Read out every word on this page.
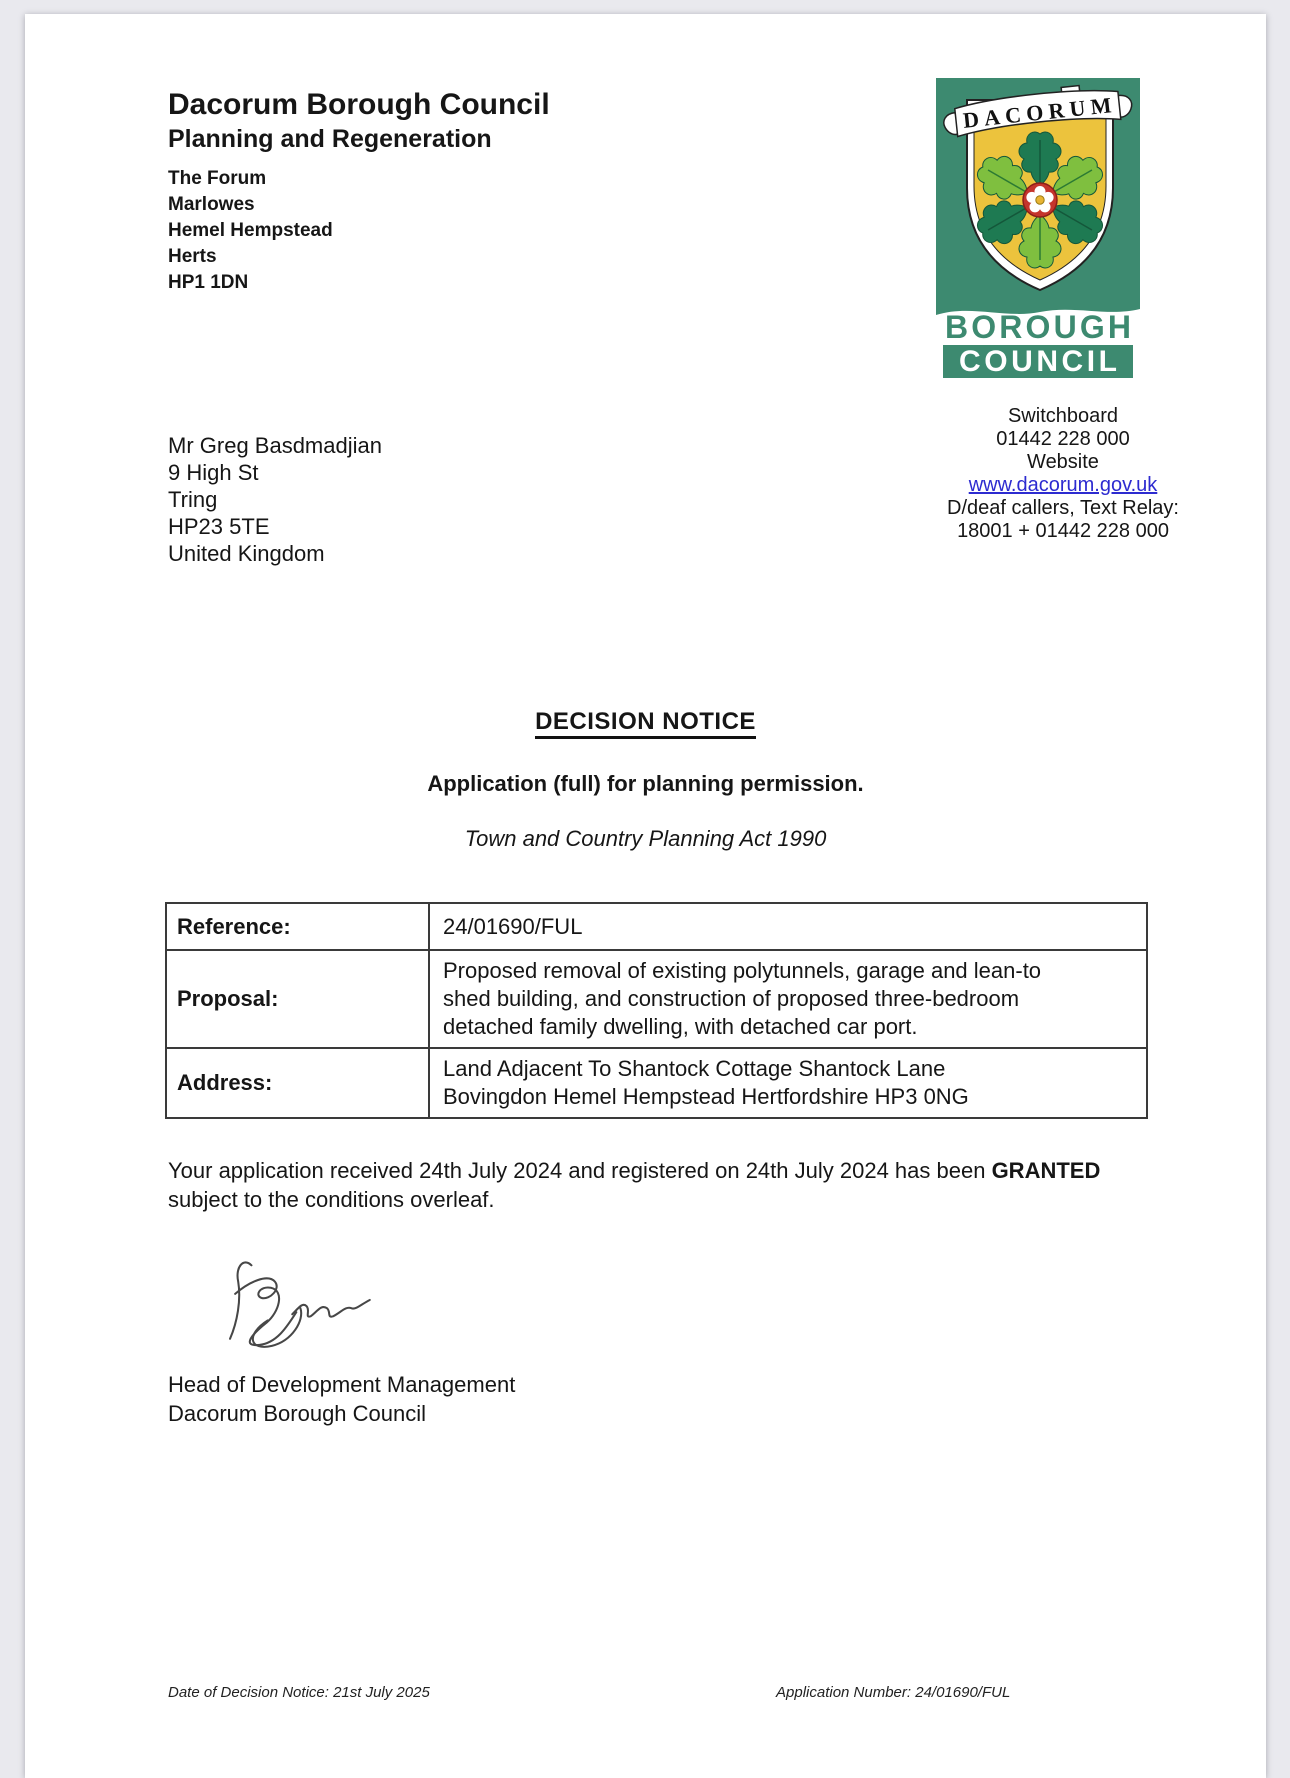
Dacorum Borough Council
Planning and Regeneration
The Forum
Marlowes
Hemel Hempstead
Herts
HP1 1DN
DACORUM
BOROUGH
COUNCIL
Switchboard
01442 228 000
Website
www.dacorum.gov.uk
D/deaf callers, Text Relay:
18001 + 01442 228 000
Mr Greg Basdmadjian
9 High St
Tring
HP23 5TE
United Kingdom
DECISION NOTICE
Application (full) for planning permission.
Town and Country Planning Act 1990
Reference:	24/01690/FUL
Proposal:	Proposed removal of existing polytunnels, garage and lean-to
shed building, and construction of proposed three-bedroom
detached family dwelling, with detached car port.

Address:	Land Adjacent To Shantock Cottage Shantock Lane
Bovingdon Hemel Hempstead Hertfordshire HP3 0NG
Your application received 24th July 2024 and registered on 24th July 2024 has been GRANTED subject to the conditions overleaf.
Head of Development Management
Dacorum Borough Council
Date of Decision Notice: 21st July 2025	Application Number: 24/01690/FUL
